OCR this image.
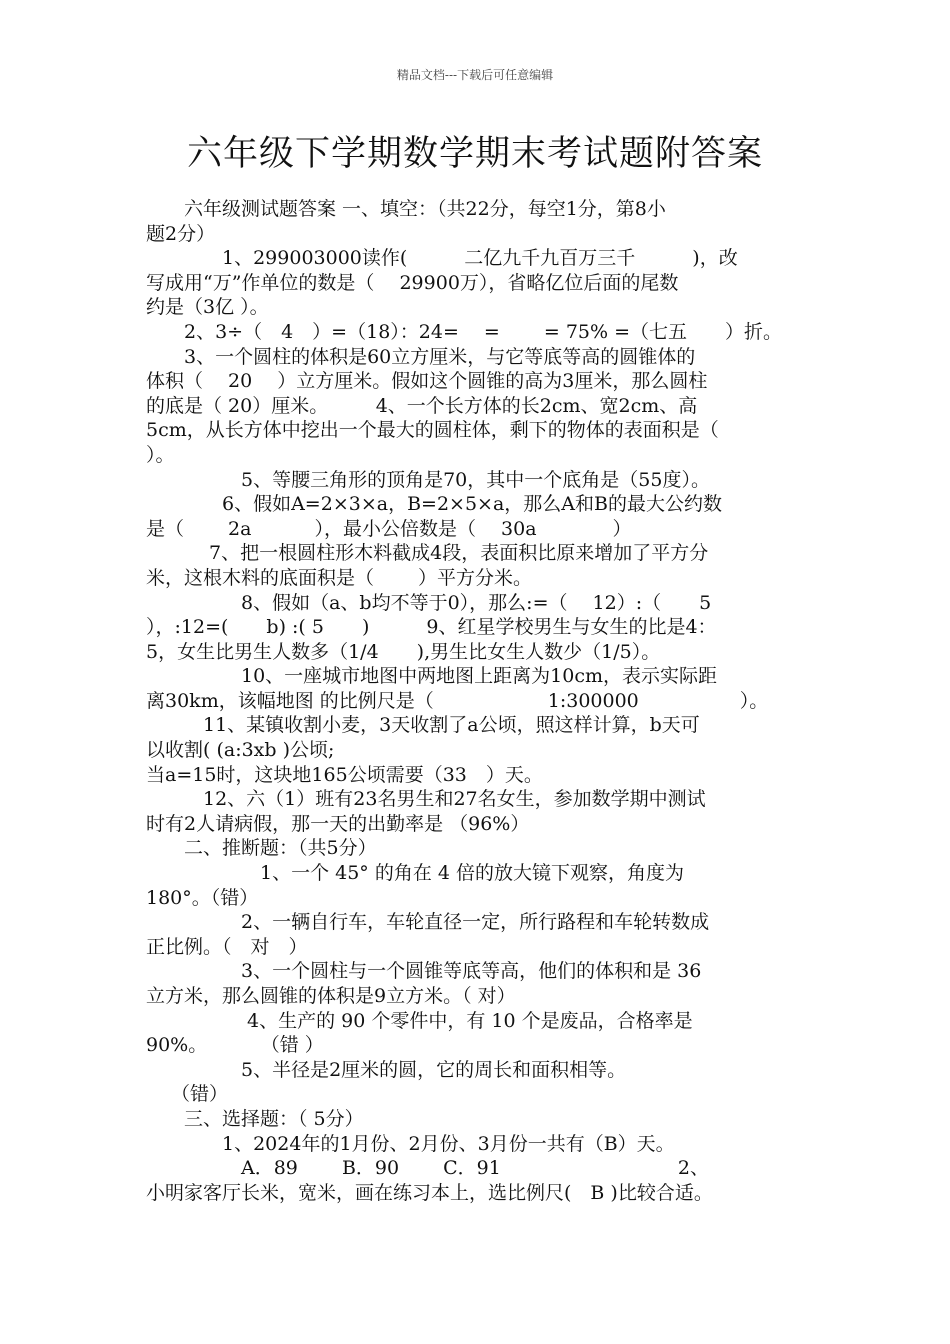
精品文档---下载后可任意编辑
六年级下学期数学期末考试题附答案
　　六年级测试题答案 一、填空：（共22分，每空1分，第8小
题2分）
　　　　1、299003000读作(　　　二亿九千九百万三千　　　)，改
写成用“万”作单位的数是（　 29900万），省略亿位后面的尾数
约是（3亿 ）。
　　2、3÷（　4　）=（18）：24=　 =　　 = 75% =（七五　　）折。
　　3、一个圆柱的体积是60立方厘米，与它等底等高的圆锥体的
体积（　 20　 ）立方厘米。假如这个圆锥的高为3厘米，那么圆柱
的底是（ 20）厘米。　　　4、一个长方体的长2cm、宽2cm、高
5cm，从长方体中挖出一个最大的圆柱体，剩下的物体的表面积是（
）。
　　　　　5、等腰三角形的顶角是70，其中一个底角是（55度）。
　　　　6、假如A=2×3×a，B=2×5×a，那么A和B的最大公约数
是（　　 2a　　　 ），最小公倍数是（　 30a　　　　）
　　　 7、把一根圆柱形木料截成4段，表面积比原来增加了平方分
米，这根木料的底面积是（　　 ）平方分米。
　　　　　8、假如（a、b均不等于0），那么:=（　 12）:（　　5
），:12=(　　b) :( 5　　)　　　9、红星学校男生与女生的比是4：
5，女生比男生人数多（1/4　　),男生比女生人数少（1/5）。
　　　　　10、一座城市地图中两地图上距离为10cm，表示实际距
离30km，该幅地图 的比例尺是（　　　　　　1:300000　　　　　 ）。
　　　11、某镇收割小麦，3天收割了a公顷，照这样计算，b天可
以收割( (a:3xb )公顷;
当a=15时，这块地165公顷需要（33　）天。
　　　12、六（1）班有23名男生和27名女生，参加数学期中测试
时有2人请病假，那一天的出勤率是 （96%）
　　二、推断题：（共5分）
　　　　　　1、一个 45° 的角在 4 倍的放大镜下观察，角度为
180°。（错）
　　　　　2、一辆自行车，车轮直径一定，所行路程和车轮转数成
正比例。（　对　）
　　　　　3、一个圆柱与一个圆锥等底等高，他们的体积和是 36
立方米，那么圆锥的体积是9立方米。（ 对）
　　　　　 4、生产的 90 个零件中，有 10 个是废品，合格率是
90%。　　　 （错 ）
　　　　　5、半径是2厘米的圆，它的周长和面积相等。
　 （错）
　　三、选择题：（ 5分）
　　　　1、2024年的1月份、2月份、3月份一共有（B）天。
　　　　　A．89　　 B．90　　 C．91　　　　　　　　　 2、
小明家客厅长米，宽米，画在练习本上，选比例尺(　B )比较合适。
